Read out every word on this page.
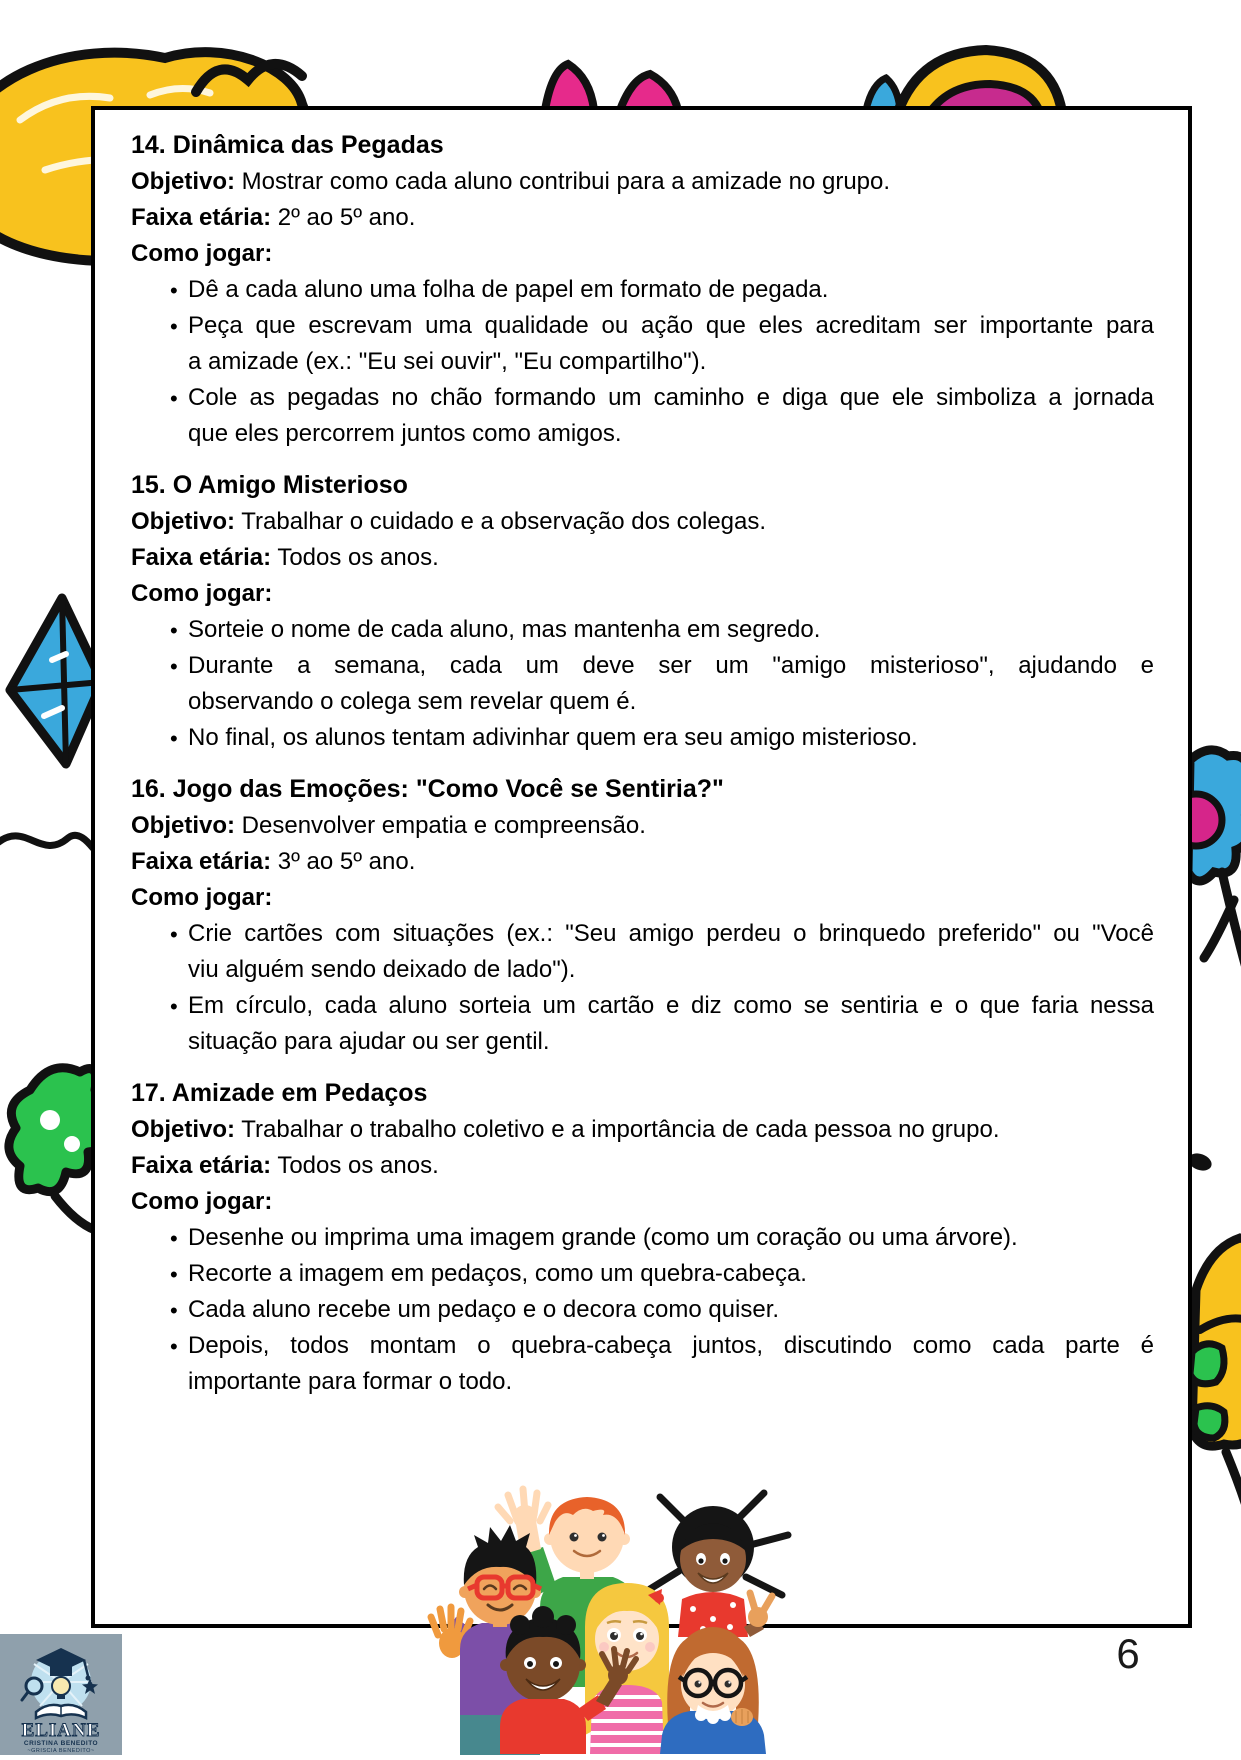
14. Dinâmica das Pegadas
Objetivo: Mostrar como cada aluno contribui para a amizade no grupo.
Faixa etária: 2º ao 5º ano.
Como jogar:
• Dê a cada aluno uma folha de papel em formato de pegada.
• Peça que escrevam uma qualidade ou ação que eles acreditam ser importante para
a amizade (ex.: "Eu sei ouvir", "Eu compartilho").
• Cole as pegadas no chão formando um caminho e diga que ele simboliza a jornada
que eles percorrem juntos como amigos.
15. O Amigo Misterioso
Objetivo: Trabalhar o cuidado e a observação dos colegas.
Faixa etária: Todos os anos.
Como jogar:
• Sorteie o nome de cada aluno, mas mantenha em segredo.
• Durante a semana, cada um deve ser um "amigo misterioso", ajudando e
observando o colega sem revelar quem é.
• No final, os alunos tentam adivinhar quem era seu amigo misterioso.
16. Jogo das Emoções: "Como Você se Sentiria?"
Objetivo: Desenvolver empatia e compreensão.
Faixa etária: 3º ao 5º ano.
Como jogar:
• Crie cartões com situações (ex.: "Seu amigo perdeu o brinquedo preferido" ou "Você
viu alguém sendo deixado de lado").
• Em círculo, cada aluno sorteia um cartão e diz como se sentiria e o que faria nessa
situação para ajudar ou ser gentil.
17. Amizade em Pedaços
Objetivo: Trabalhar o trabalho coletivo e a importância de cada pessoa no grupo.
Faixa etária: Todos os anos.
Como jogar:
• Desenhe ou imprima uma imagem grande (como um coração ou uma árvore).
• Recorte a imagem em pedaços, como um quebra-cabeça.
• Cada aluno recebe um pedaço e o decora como quiser.
• Depois, todos montam o quebra-cabeça juntos, discutindo como cada parte é
importante para formar o todo.
6
ELIANE
CRISTINA BENEDITO
~GRISCIA BENEDITO~
